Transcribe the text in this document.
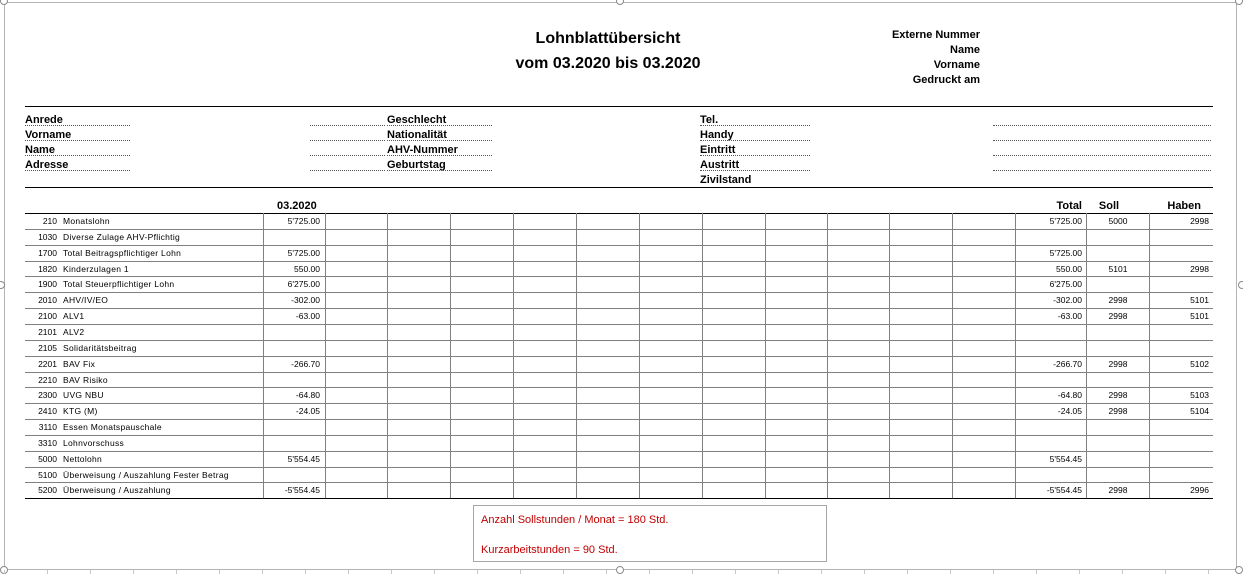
Lohnblattübersicht
vom 03.2020 bis 03.2020
Externe Nummer
Name
Vorname
Gedruckt am
Anrede
Vorname
Name
Adresse
Geschlecht
Nationalität
AHV-Nummer
Geburtstag
Tel.
Handy
Eintritt
Austritt
Zivilstand
03.2020	Total	Soll	Haben
210 Monatslohn	5'725.00	5'725.00	5000	2998
1030 Diverse Zulage AHV-Pflichtig
1700 Total Beitragspflichtiger Lohn	5'725.00	5'725.00
1820 Kinderzulagen 1	550.00	550.00	5101	2998
1900 Total Steuerpflichtiger Lohn	6'275.00	6'275.00
2010 AHV/IV/EO	-302.00	-302.00	2998	5101
2100 ALV1	-63.00	-63.00	2998	5101
2101 ALV2
2105 Solidaritätsbeitrag
2201 BAV Fix	-266.70	-266.70	2998	5102
2210 BAV Risiko
2300 UVG NBU	-64.80	-64.80	2998	5103
2410 KTG (M)	-24.05	-24.05	2998	5104
3110 Essen Monatspauschale
3310 Lohnvorschuss
5000 Nettolohn	5'554.45	5'554.45
5100 Überweisung / Auszahlung Fester Betrag
5200 Überweisung / Auszahlung	-5'554.45	-5'554.45	2998	2996
Anzahl Sollstunden / Monat = 180 Std.
Kurzarbeitstunden = 90 Std.
